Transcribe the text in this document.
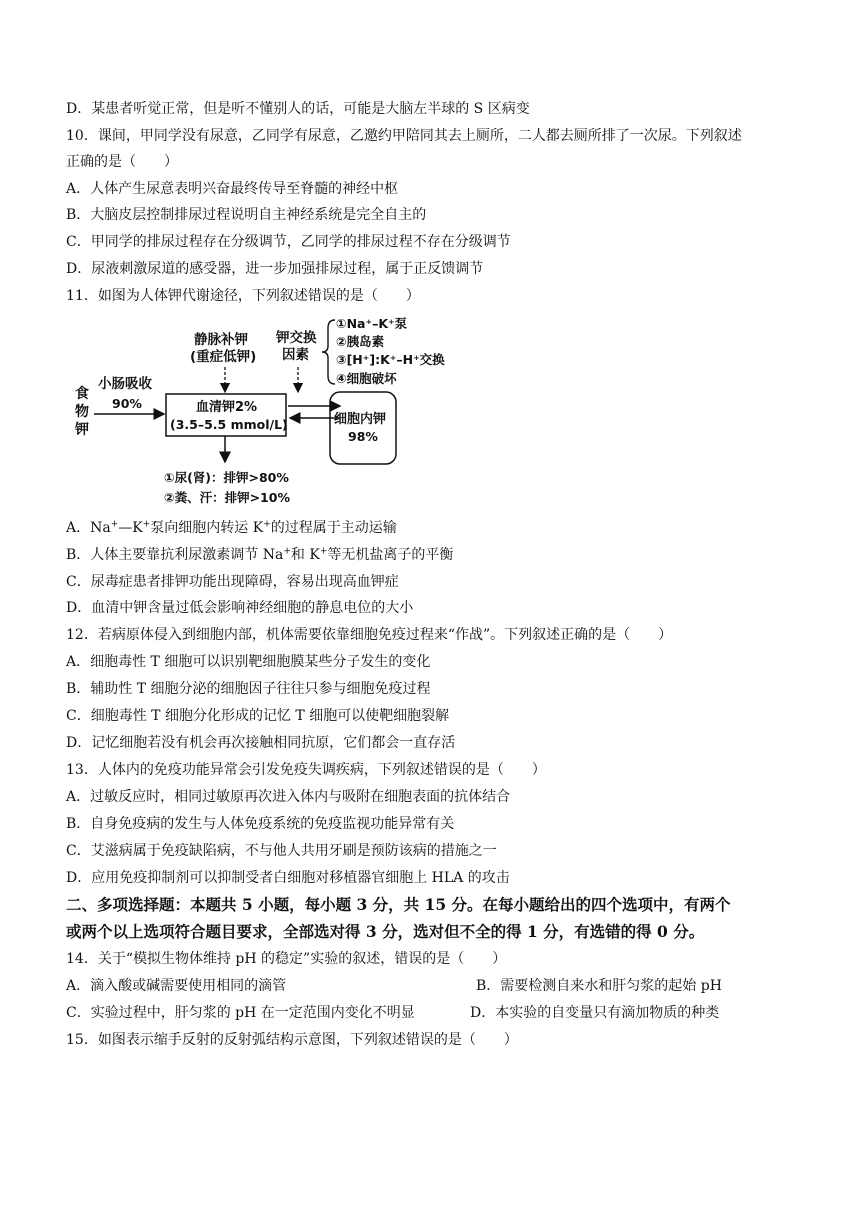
D．某患者听觉正常，但是听不懂别人的话，可能是大脑左半球的 S 区病变
10．课间，甲同学没有尿意，乙同学有尿意，乙邀约甲陪同其去上厕所，二人都去厕所排了一次尿。下列叙述
正确的是（　　）
A．人体产生尿意表明兴奋最终传导至脊髓的神经中枢
B．大脑皮层控制排尿过程说明自主神经系统是完全自主的
C．甲同学的排尿过程存在分级调节，乙同学的排尿过程不存在分级调节
D．尿液刺激尿道的感受器，进一步加强排尿过程，属于正反馈调节
11．如图为人体钾代谢途径，下列叙述错误的是（　　）
食
物
钾
小肠吸收
90%
静脉补钾
(重症低钾)
钾交换
因素
①Na⁺–K⁺泵
②胰岛素
③[H⁺]:K⁺–H⁺交换
④细胞破坏
血清钾2%
(3.5–5.5 mmol/L)	细胞内钾
98%
①尿(肾)：排钾>80%
②粪、汗：排钾>10%
A．Na+—K+泵向细胞内转运 K+的过程属于主动运输
B．人体主要靠抗利尿激素调节 Na+和 K+等无机盐离子的平衡
C．尿毒症患者排钾功能出现障碍，容易出现高血钾症
D．血清中钾含量过低会影响神经细胞的静息电位的大小
12．若病原体侵入到细胞内部，机体需要依靠细胞免疫过程来“作战”。下列叙述正确的是（　　）
A．细胞毒性 T 细胞可以识别靶细胞膜某些分子发生的变化
B．辅助性 T 细胞分泌的细胞因子往往只参与细胞免疫过程
C．细胞毒性 T 细胞分化形成的记忆 T 细胞可以使靶细胞裂解
D．记忆细胞若没有机会再次接触相同抗原，它们都会一直存活
13．人体内的免疫功能异常会引发免疫失调疾病，下列叙述错误的是（　　）
A．过敏反应时，相同过敏原再次进入体内与吸附在细胞表面的抗体结合
B．自身免疫病的发生与人体免疫系统的免疫监视功能异常有关
C．艾滋病属于免疫缺陷病，不与他人共用牙刷是预防该病的措施之一
D．应用免疫抑制剂可以抑制受者白细胞对移植器官细胞上 HLA 的攻击
二、多项选择题：本题共 5 小题，每小题 3 分，共 15 分。在每小题给出的四个选项中，有两个
或两个以上选项符合题目要求，全部选对得 3 分，选对但不全的得 1 分，有选错的得 0 分。
14．关于“模拟生物体维持 pH 的稳定”实验的叙述，错误的是（　　）
A．滴入酸或碱需要使用相同的滴管	B．需要检测自来水和肝匀浆的起始 pH
C．实验过程中，肝匀浆的 pH 在一定范围内变化不明显	D．本实验的自变量只有滴加物质的种类
15．如图表示缩手反射的反射弧结构示意图，下列叙述错误的是（　　）
